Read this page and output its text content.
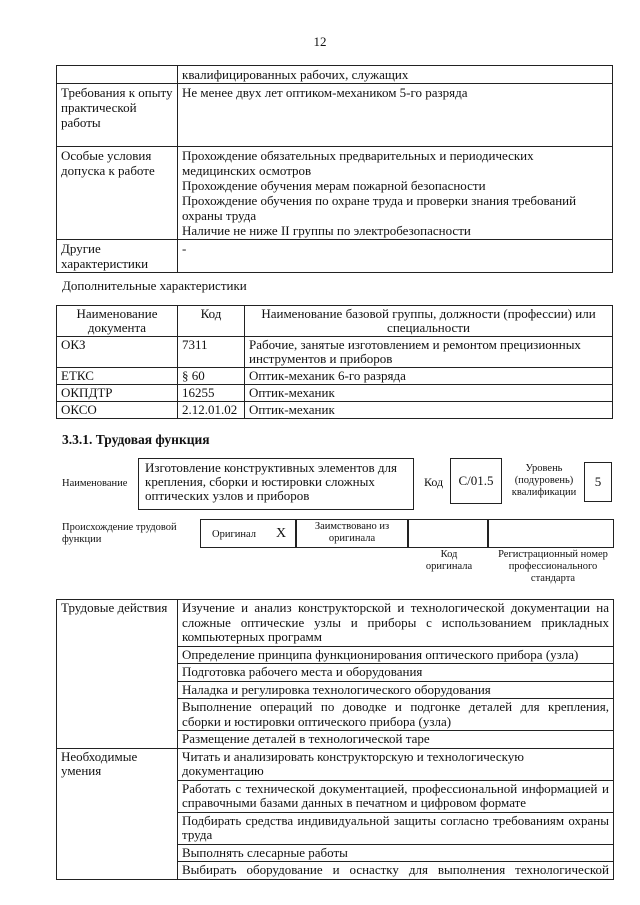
12
	квалифицированных рабочих, служащих
Требования к опыту практической работы	Не менее двух лет оптиком-механиком 5-го разряда

Особые условия допуска к работе	Прохождение обязательных предварительных и периодических медицинских осмотров
Прохождение обучения мерам пожарной безопасности
Прохождение обучения по охране труда и проверки знания требований охраны труда
Наличие не ниже II группы по электробезопасности

Другие характеристики	-
Дополнительные характеристики
Наименование документа	Код	Наименование базовой группы, должности (профессии) или специальности
ОКЗ	7311	Рабочие, занятые изготовлением и ремонтом прецизионных инструментов и приборов
ЕТКС	§ 60	Оптик-механик 6-го разряда
ОКПДТР	16255	Оптик-механик
ОКСО	2.12.01.02	Оптик-механик
3.3.1. Трудовая функция
Наименование
Изготовление конструктивных элементов для крепления, сборки и юстировки сложных оптических узлов и приборов
Код	C/01.5
Уровень (подуровень) квалификации
5
Происхождение трудовой функции	Оригинал X	Заимствовано из оригинала
Код оригинала
Регистрационный номер профессионального стандарта
Трудовые действия	Изучение и анализ конструкторской и технологической документации на сложные оптические узлы и приборы с использованием прикладных компьютерных программ
	Определение принципа функционирования оптического прибора (узла)
	Подготовка рабочего места и оборудования
	Наладка и регулировка технологического оборудования
	Выполнение операций по доводке и подгонке деталей для крепления, сборки и юстировки оптического прибора (узла)
	Размещение деталей в технологической таре
Необходимые умения	Читать и анализировать конструкторскую и технологическую документацию
	Работать с технической документацией, профессиональной информацией и справочными базами данных в печатном и цифровом формате
	Подбирать средства индивидуальной защиты согласно требованиям охраны труда
	Выполнять слесарные работы
	Выбирать оборудование и оснастку для выполнения технологической
